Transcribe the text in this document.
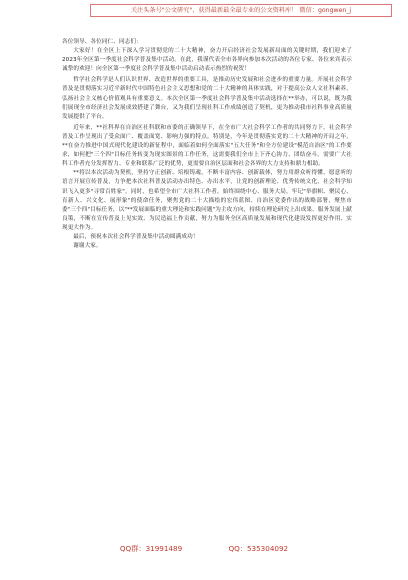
关注头条号"公文研究"，获得最新最全最专业的公文资料库！ 微信：gongwen_j

各位领导、各位同仁、同志们：

大家好！在全区上下深入学习贯彻党的二十大精神，奋力开启经济社会发展新局面的关键时期，我们迎来了2023年全区第一季度社会科学普及集中活动。在此，我谨代表全市各界向参加本次活动的各位专家、各位来宾表示诚挚的欢迎！向全区第一季度社会科学普及集中活动启动表示热烈的祝贺！

哲学社会科学是人们认识世界、改造世界的重要工具，是推动历史发展和社会进步的重要力量。开展社会科学普及是贯彻落实习近平新时代中国特色社会主义思想和党的二十大精神的具体实践，对于提高公众人文社科素养，弘扬社会主义核心价值观具有重要意义。本次全区第一季度社会科学普及集中活动选择在**举办，可以说，既为我们展现全市经济社会发展成效搭建了舞台，又为我们呈现社科工作成绩创造了契机，更为推动我市社科事业高质量发展提供了平台。

近年来，**社科界在自治区社科联和市委的正确领导下，在全市广大社会科学工作者的共同努力下，社会科学普及工作呈现出了受众面广、覆盖面宽、影响力强的特点。特别是，今年是贯彻落实党的二十大精神的开局之年，**在奋力推进中国式现代化建设的新征程中，面临着如何全面落实"五大任务"和全方位建设"模范自治区"的工作要求，如何把"三个四"目标任务转变为现实图景的工作任务，这需要我们全市上下齐心协力、团结奋斗。需要广大社科工作者充分发挥智力、专业和联系广泛的优势，更需要自治区层面和社会各界的大力支持和鼎力相助。

**将以本次活动为契机，坚持守正创新、培根铸魂，不断丰富内容、创新载体，努力用群众听得懂、愿意听的语言开展宣传普及，力争把本次社科普及活动办出特色、办出水平，让党的创新理论、优秀传统文化，社会科学知识飞入更多"寻常百姓家"。同时，也希望全市广大社科工作者，始终围绕中心、服务大局，牢记"举旗帜、聚民心、育新人、兴文化、展形象"的使命任务，聚焦党的二十大描绘的宏伟蓝图、自治区党委作出的战略部署，聚焦市委"三个四"目标任务，以"**发展面临的重大理论和实践问题"为主攻方向，持续在理论研究上出成果、服务发展上献良策，不断在宣传普及上见实效、为民造福上作贡献，努力为服务全区高质量发展和现代化建设发挥更好作用、实现更大作为。

最后，预祝本次社会科学普及集中活动圆满成功！

谢谢大家。

QQ群：31991489	QQ：535304092
